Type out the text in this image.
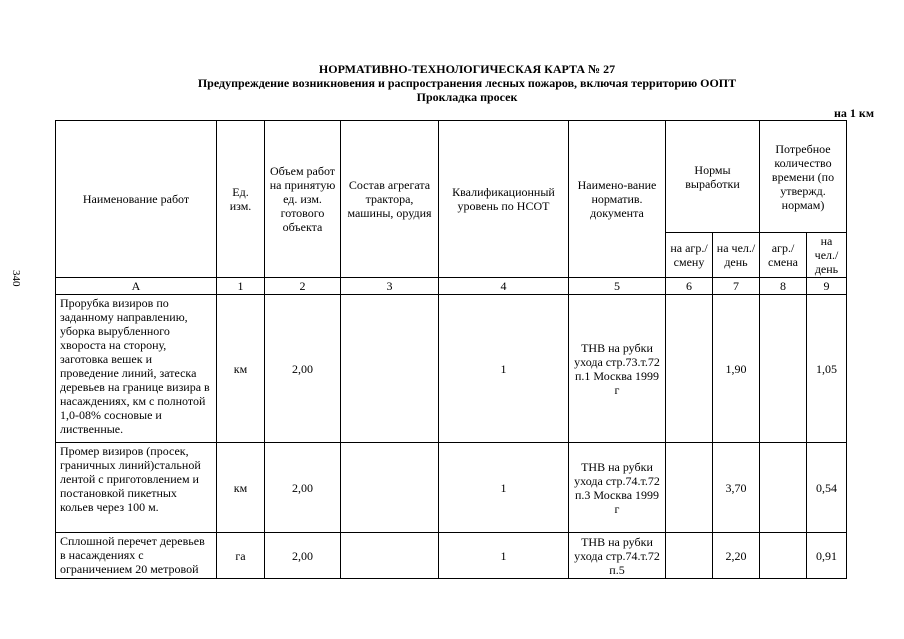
340
НОРМАТИВНО-ТЕХНОЛОГИЧЕСКАЯ КАРТА № 27
Предупреждение возникновения и распространения лесных пожаров, включая территорию ООПТ
Прокладка просек
на 1 км
Наименование работ	Ед. изм.	Объем работ на принятую ед. изм. готового объекта	Состав агрегата трактора, машины, орудия	Квалификационный уровень по НСОТ	Наимено-вание норматив. документа	Нормы выработки		Потребное количество времени (по утвержд. нормам)	
						на агр./ смену	на чел./ день	агр./ смена	на чел./ день
A	1	2	3	4	5	6	7	8	9
Прорубка визиров по заданному направлению, уборка вырубленного хвороста на сторону, заготовка вешек и проведение линий, затеска деревьев на границе визира в насаждениях, км с полнотой 1,0-08% сосновые и лиственные.	км	2,00		1	ТНВ на рубки ухода стр.73.т.72 п.1 Москва 1999 г		1,90		1,05
Промер визиров (просек, граничных линий)стальной лентой с приготовлением и постановкой пикетных кольев через 100 м.	км	2,00		1	ТНВ на рубки ухода стр.74.т.72 п.3 Москва 1999 г		3,70		0,54
Сплошной перечет деревьев в насаждениях с ограничением 20 метровой	га	2,00		1	ТНВ на рубки ухода стр.74.т.72 п.5		2,20		0,91
